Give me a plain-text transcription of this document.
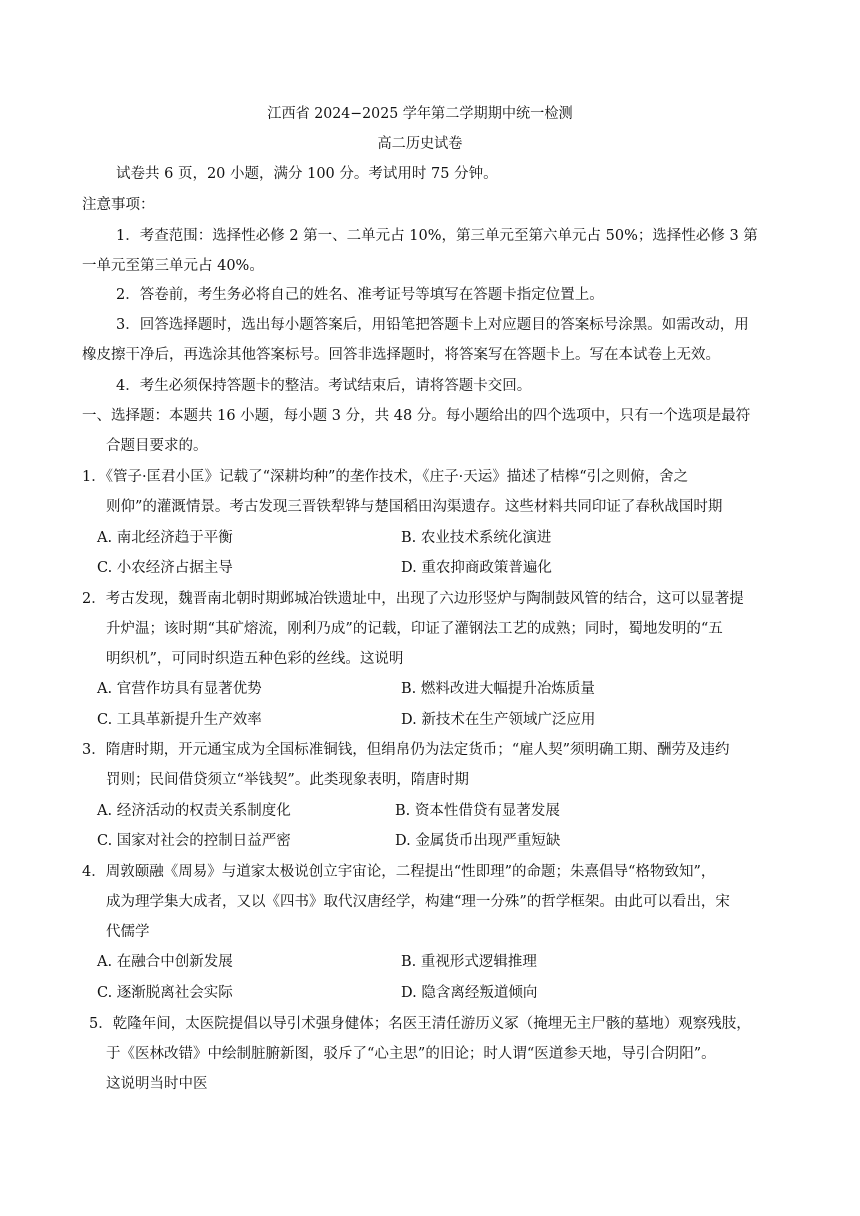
江西省 2024−2025 学年第二学期期中统一检测
高二历史试卷
试卷共 6 页，20 小题，满分 100 分。考试用时 75 分钟。
注意事项：
1．考查范围：选择性必修 2 第一、二单元占 10%，第三单元至第六单元占 50%；选择性必修 3 第
一单元至第三单元占 40%。
2．答卷前，考生务必将自己的姓名、准考证号等填写在答题卡指定位置上。
3．回答选择题时，选出每小题答案后，用铅笔把答题卡上对应题目的答案标号涂黑。如需改动，用
橡皮擦干净后，再选涂其他答案标号。回答非选择题时，将答案写在答题卡上。写在本试卷上无效。
4．考生必须保持答题卡的整洁。考试结束后，请将答题卡交回。
一、选择题：本题共 16 小题，每小题 3 分，共 48 分。每小题给出的四个选项中，只有一个选项是最符
合题目要求的。
1．《管子·匡君小匡》记载了“深耕均种”的垄作技术，《庄子·天运》描述了桔槔“引之则俯，舍之
则仰”的灌溉情景。考古发现三晋铁犁铧与楚国稻田沟渠遗存。这些材料共同印证了春秋战国时期
A. 南北经济趋于平衡	B. 农业技术系统化演进
C. 小农经济占据主导	D. 重农抑商政策普遍化
2．考古发现，魏晋南北朝时期邺城冶铁遗址中，出现了六边形竖炉与陶制鼓风管的结合，这可以显著提
升炉温；该时期“其矿熔流，刚利乃成”的记载，印证了灌钢法工艺的成熟；同时，蜀地发明的“五
明织机”，可同时织造五种色彩的丝线。这说明
A. 官营作坊具有显著优势	B. 燃料改进大幅提升冶炼质量
C. 工具革新提升生产效率	D. 新技术在生产领域广泛应用
3．隋唐时期，开元通宝成为全国标准铜钱，但绢帛仍为法定货币；“雇人契”须明确工期、酬劳及违约
罚则；民间借贷须立“举钱契”。此类现象表明，隋唐时期
A. 经济活动的权责关系制度化	B. 资本性借贷有显著发展
C. 国家对社会的控制日益严密	D. 金属货币出现严重短缺
4．周敦颐融《周易》与道家太极说创立宇宙论，二程提出“性即理”的命题；朱熹倡导“格物致知”，
成为理学集大成者，又以《四书》取代汉唐经学，构建“理一分殊”的哲学框架。由此可以看出，宋
代儒学
A. 在融合中创新发展	B. 重视形式逻辑推理
C. 逐渐脱离社会实际	D. 隐含离经叛道倾向
5．乾隆年间，太医院提倡以导引术强身健体；名医王清任游历义冢（掩埋无主尸骸的墓地）观察残肢，
于《医林改错》中绘制脏腑新图，驳斥了“心主思”的旧论；时人谓“医道参天地，导引合阴阳”。
这说明当时中医
